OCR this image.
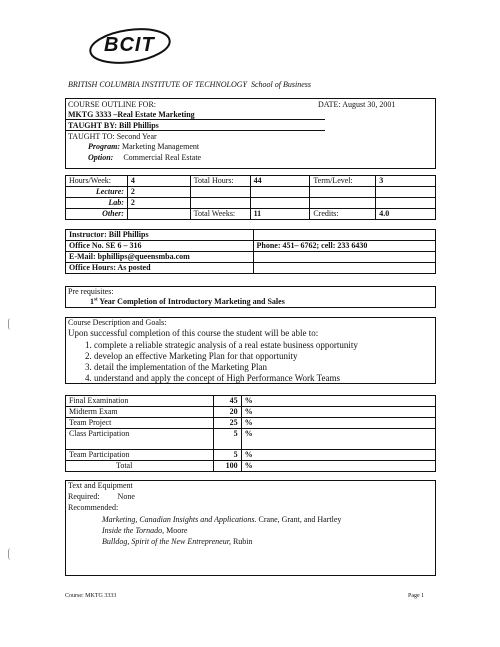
BCIT
BRITISH COLUMBIA INSTITUTE OF TECHNOLOGY School of Business
COURSE OUTLINE FOR:	DATE: August 30, 2001
MKTG 3333 –Real Estate Marketing
TAUGHT BY: Bill Phillips
TAUGHT TO: Second Year
Program: Marketing Management
Option: Commercial Real Estate
Hours/Week:	4	Total Hours:	44	Term/Level:	3
Lecture:	2				
Lab:	2				
Other:		Total Weeks:	11	Credits:	4.0
Instructor: Bill Phillips	
Office No. SE 6 – 316	Phone: 451– 6762; cell: 233 6430
E-Mail: bphillips@queensmba.com	
Office Hours: As posted	
Pre requisites:
1st Year Completion of Introductory Marketing and Sales
Course Description and Goals:
Upon successful completion of this course the student will be able to:
1. complete a reliable strategic analysis of a real estate business opportunity
2. develop an effective Marketing Plan for that opportunity
3. detail the implementation of the Marketing Plan
4. understand and apply the concept of High Performance Work Teams
Final Examination	45	%
Midterm Exam	20	%
Team Project	25	%
Class Participation	5	%
Team Participation	5	%
Total	100	%
Text and Equipment
Required: None
Recommended:
Marketing, Canadian Insights and Applications. Crane, Grant, and Hartley
Inside the Tornado, Moore
Bulldog, Spirit of the New Entrepreneur, Rubin
Course: MKTG 3333	Page 1
